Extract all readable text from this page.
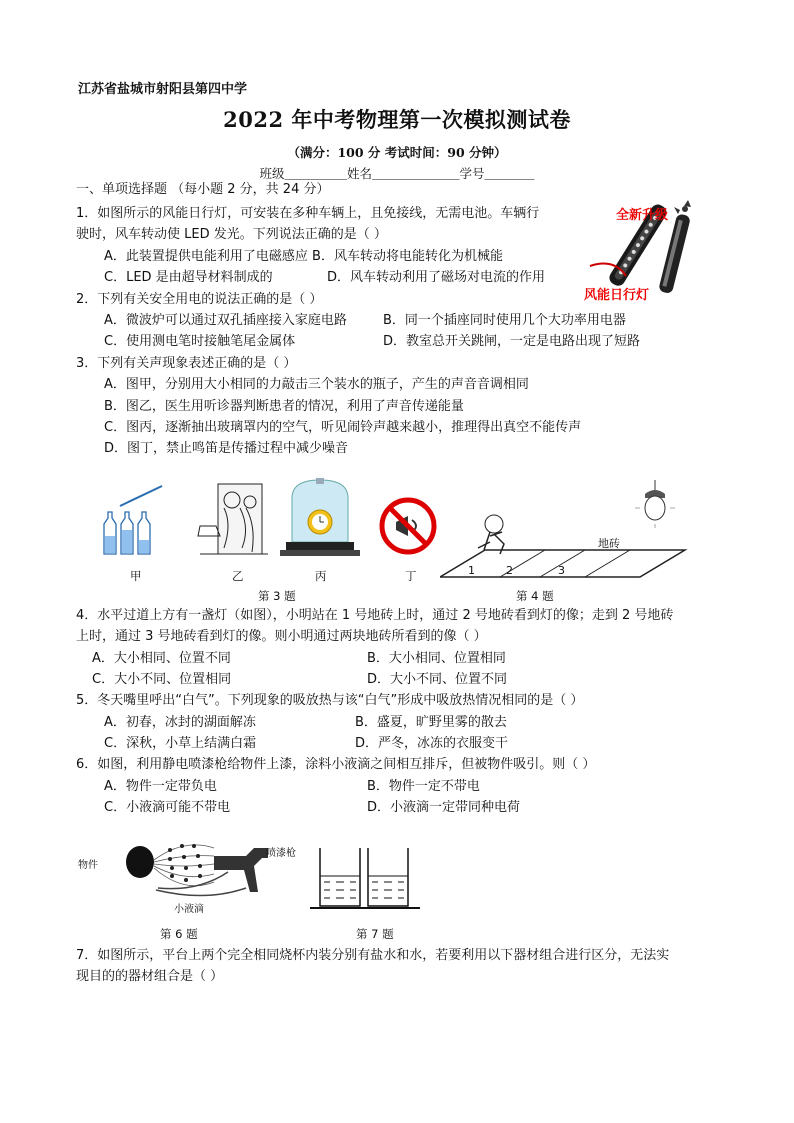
江苏省盐城市射阳县第四中学
2022 年中考物理第一次模拟测试卷
（满分：100 分 考试时间：90 分钟）
班级＿＿＿＿＿姓名＿＿＿＿＿＿＿学号＿＿＿＿
一、单项选择题 （每小题 2 分，共 24 分）
1．如图所示的风能日行灯，可安装在多种车辆上，且免接线，无需电池。车辆行
驶时，风车转动使 LED 发光。下列说法正确的是（ ）
A．此装置提供电能利用了电磁感应 B．风车转动将电能转化为机械能
C．LED 是由超导材料制成的	D．风车转动利用了磁场对电流的作用
全新升级
风能日行灯
2．下列有关安全用电的说法正确的是（ ）
A．微波炉可以通过双孔插座接入家庭电路	B．同一个插座同时使用几个大功率用电器
C．使用测电笔时接触笔尾金属体	D．教室总开关跳闸，一定是电路出现了短路
3．下列有关声现象表述正确的是（ ）
A．图甲，分别用大小相同的力敲击三个装水的瓶子，产生的声音音调相同
B．图乙，医生用听诊器判断患者的情况，利用了声音传递能量
C．图丙，逐渐抽出玻璃罩内的空气，听见闹铃声越来越小，推理得出真空不能传声
D．图丁，禁止鸣笛是传播过程中减少噪音
甲	乙	丙	丁
第 3 题
地砖
1	2	3
第 4 题
4．水平过道上方有一盏灯（如图），小明站在 1 号地砖上时，通过 2 号地砖看到灯的像；走到 2 号地砖
上时，通过 3 号地砖看到灯的像。则小明通过两块地砖所看到的像（ ）
A．大小相同、位置不同	B．大小相同、位置相同
C．大小不同、位置相同	D．大小不同、位置不同
5．冬天嘴里呼出“白气”。下列现象的吸放热与该“白气”形成中吸放热情况相同的是（ ）
A．初春，冰封的湖面解冻	B．盛夏，旷野里雾的散去
C．深秋，小草上结满白霜	D．严冬，冰冻的衣服变干
6．如图，利用静电喷漆枪给物件上漆，涂料小液滴之间相互排斥，但被物件吸引。则（ ）
A．物件一定带负电	B．物件一定不带电
C．小液滴可能不带电	D．小液滴一定带同种电荷
物件
喷漆枪
小液滴
第 6 题	第 7 题
7．如图所示，平台上两个完全相同烧杯内装分别有盐水和水，若要利用以下器材组合进行区分，无法实
现目的的器材组合是（ ）
